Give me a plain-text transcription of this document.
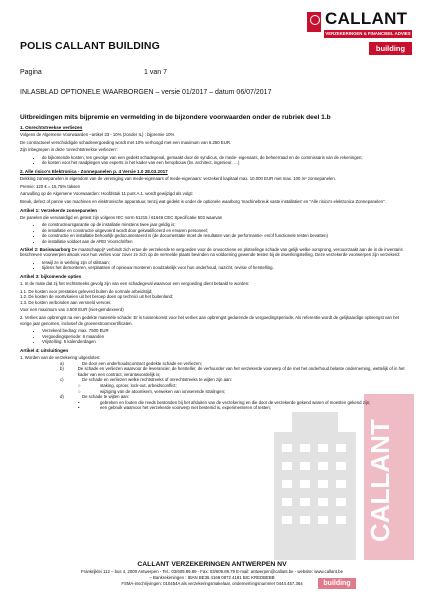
POLIS CALLANT BUILDING
CALLANT
VERZEKERINGEN & FINANCIEEL ADVIES
building
Pagina	1 van 7
INLASBLAD OPTIONELE WAARBORGEN – versie 01/2017 – datum 06/07/2017
Uitbreidingen mits bijpremie en vermelding in de bijzondere voorwaarden onder de rubriek deel 1.b
1. Onrechtstreekse verliezen

Volgens de Algemene Voorwaarden –artikel 33 - 10% (zonder IL) ; bijpremie 10%

De contractueel verschuldigde schadevergoeding wordt met 10% verhoogd met een maximum van 6.250 EUR.

Zijn inbegrepen in deze 'onrechtstreekse verliezen':

• de bijkomende kosten, ten gevolge van een gedekt schadegeval, gemaakt door de syndicus, de mede- eigenaars, de beheerraad en de commissaris van de rekeningen;
• de kosten voor het raadplegen van experts in het kader van een heropbouw (bv. architect, ingenieur, …)
2. Alle risico's Elektronica - Zonnepanelen p. 4 Versie 1.0 28.03.2017

Dekking zonnepanelen in eigendom van de vereniging van mede-eigenaars of mede-eigenaars: verzekerd kapitaal max. 10.000 EUR met max. 100 m² zonnepanelen.

Premie: 120 € = 15,75% taksen

Aanvulling op de Algemene Voorwaarden: Hoofdstuk 11 punt A.1. wordt gewijzigd als volgt:

Breuk, defect of panne van machines en elektronische apparatuur, tenzij wat gedekt is onder de optionele waarborg 'machinebreuk vaste installaties' en "Alle risico's elektronica Zonnepanelen".

Artikel 1: Verzekerde zonnepanelen

De panelen die vervaardigd en getest zijn volgens IEC norm 61215 / 61646 CEC Specificatie 503 waarvan

• de constructeursgarantie op de installatie minstens twee jaar geldig is;
• de installatie en constructie uitgevoerd wordt door gekwalificeerd en ervaren personeel;
• de constructie en installatie behoorlijk gedocumenteerd is (de documentatie moet de resultaten van de performantie- en/of functionele testen bevatten)
• de installatie voldoet aan de AREI Voorschriften

Artikel 2: Basiswaarborg De maatschappij* verbindt zich ertoe de verzekerde te vergoeden voor de onvoorziene en plotselinge schade van gelijk welke oorsprong, verooorzaakt aan de in de inventaris beschreven voorwerpen alsook voor hun verlies voor zover ze zich op de vermelde plaats bevinden na voldoening gewende testen bij de inwerkingstelling. Deze verzekerde voorwerpen zijn verzekerd:

• terwijl ze in werking zijn of stilstaan;
• tijdens het demonteren, verplaatsen of opnieuw monteren noodzakelijk voor hun onderhoud, nazicht, revisie of herstelling.
Artikel 3: bijkomende opties

1. In de mate dat zij het rechtstreeks gevolg zijn van een schadegeval waarvoor een vergoeding dient betaald te worden:

1.1. De kosten voor prestaties geleverd buiten de normale arbeidstijd;

1.2. De kosten de voortvloeien uit het beroep doen op technici uit het buitenland;

1.3. De kosten verbonden aan versneld vervoer.

Voor een maximum van 2.500 EUR (niet-geïndexeerd)

2. Verlies aan opbrengst na een gedekte materiële schade: Er is tussenkomst voor het verlies aan opbrengst gedurende de vergoedingsperiode. Als referentie wordt de gelijkaardige opbrengst van het vorige jaar genomen, inclusief de groenestroomcertificaten.

• Verzekerd bedrag: max. 7500 EUR
• Vergoedingsperiode: 6 maanden
• Vrijstelling: 5 kalenderdagen
Artikel 4: uitsluitingen

1. Worden van de verzekering uitgesloten:

a)	De door een onderhoudscontract gedekte schade en verliezen;
b)	De schade en verliezen waarvoor de leverancier, de hersteller, de verhuurder van het verzekerde voorwerp of de met het onderhoud belaste onderneming, wettelijk of in het kader van een contract, verantwoordelijk is;
c)	De schade en verliezen welke rechtstreeks of onrechtstreeks te wijten zijn aan:
○	staking, oproer, lock-out, arbeidsconflict;
○	wijziging van de atoomkern, verweken van ioniserende stralingen;
d)	De schade te wijten aan:
•	gebreken en fouten die reeds bestonden bij het afsluiten van de verzekering en die door de verzekerde gekend waren of moesten gekend zijn;
•	een gebruik waarvoor het verzekerde voorwerp niet bestemd is, experimenteren of testen;
CALLANT
building
CALLANT VERZEKERINGEN ANTWERPEN NV
Frankrijklei 112 – bus 4, 2000 Antwerpen - Tel.: 03/609.89.89 - Fax: 03/609.89.79 E-mail: antwerpen@callant.be - website: www.callant.be
– Bankrekeningen : IBAN BE36 4169 0872 4181 BIC KREDBEBB
FSMA-inschrijvingen: 010454A als verzekeringsmakelaar, ondernemingsnummer 0444.457.364
